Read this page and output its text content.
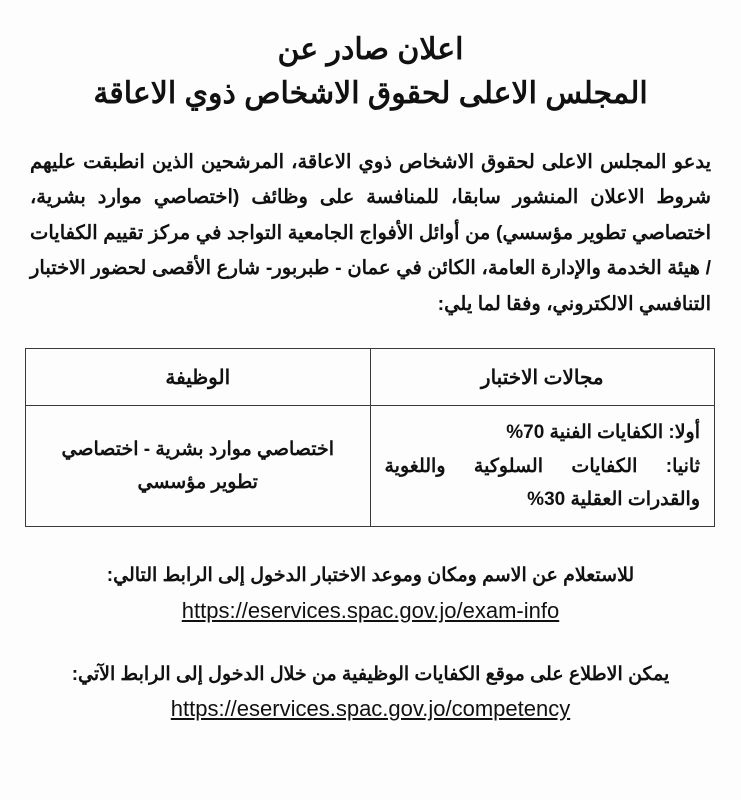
اعلان صادر عن
المجلس الاعلى لحقوق الاشخاص ذوي الاعاقة

يدعو المجلس الاعلى لحقوق الاشخاص ذوي الاعاقة، المرشحين الذين انطبقت عليهم شروط الاعلان المنشور سابقا، للمنافسة على وظائف (اختصاصي موارد بشرية، اختصاصي تطوير مؤسسي) من أوائل الأفواج الجامعية التواجد في مركز تقييم الكفايات / هيئة الخدمة والإدارة العامة، الكائن في عمان - طبربور- شارع الأقصى لحضور الاختبار التنافسي الالكتروني، وفقا لما يلي:

مجالات الاختبار	الوظيفة

أولا: الكفايات الفنية 70%
ثانيا: الكفايات السلوكية واللغوية
والقدرات العقلية 30%	اختصاصي موارد بشرية - اختصاصي تطوير مؤسسي
للاستعلام عن الاسم ومكان وموعد الاختبار الدخول إلى الرابط التالي:
https://eservices.spac.gov.jo/exam-info
يمكن الاطلاع على موقع الكفايات الوظيفية من خلال الدخول إلى الرابط الآتي:
https://eservices.spac.gov.jo/competency
